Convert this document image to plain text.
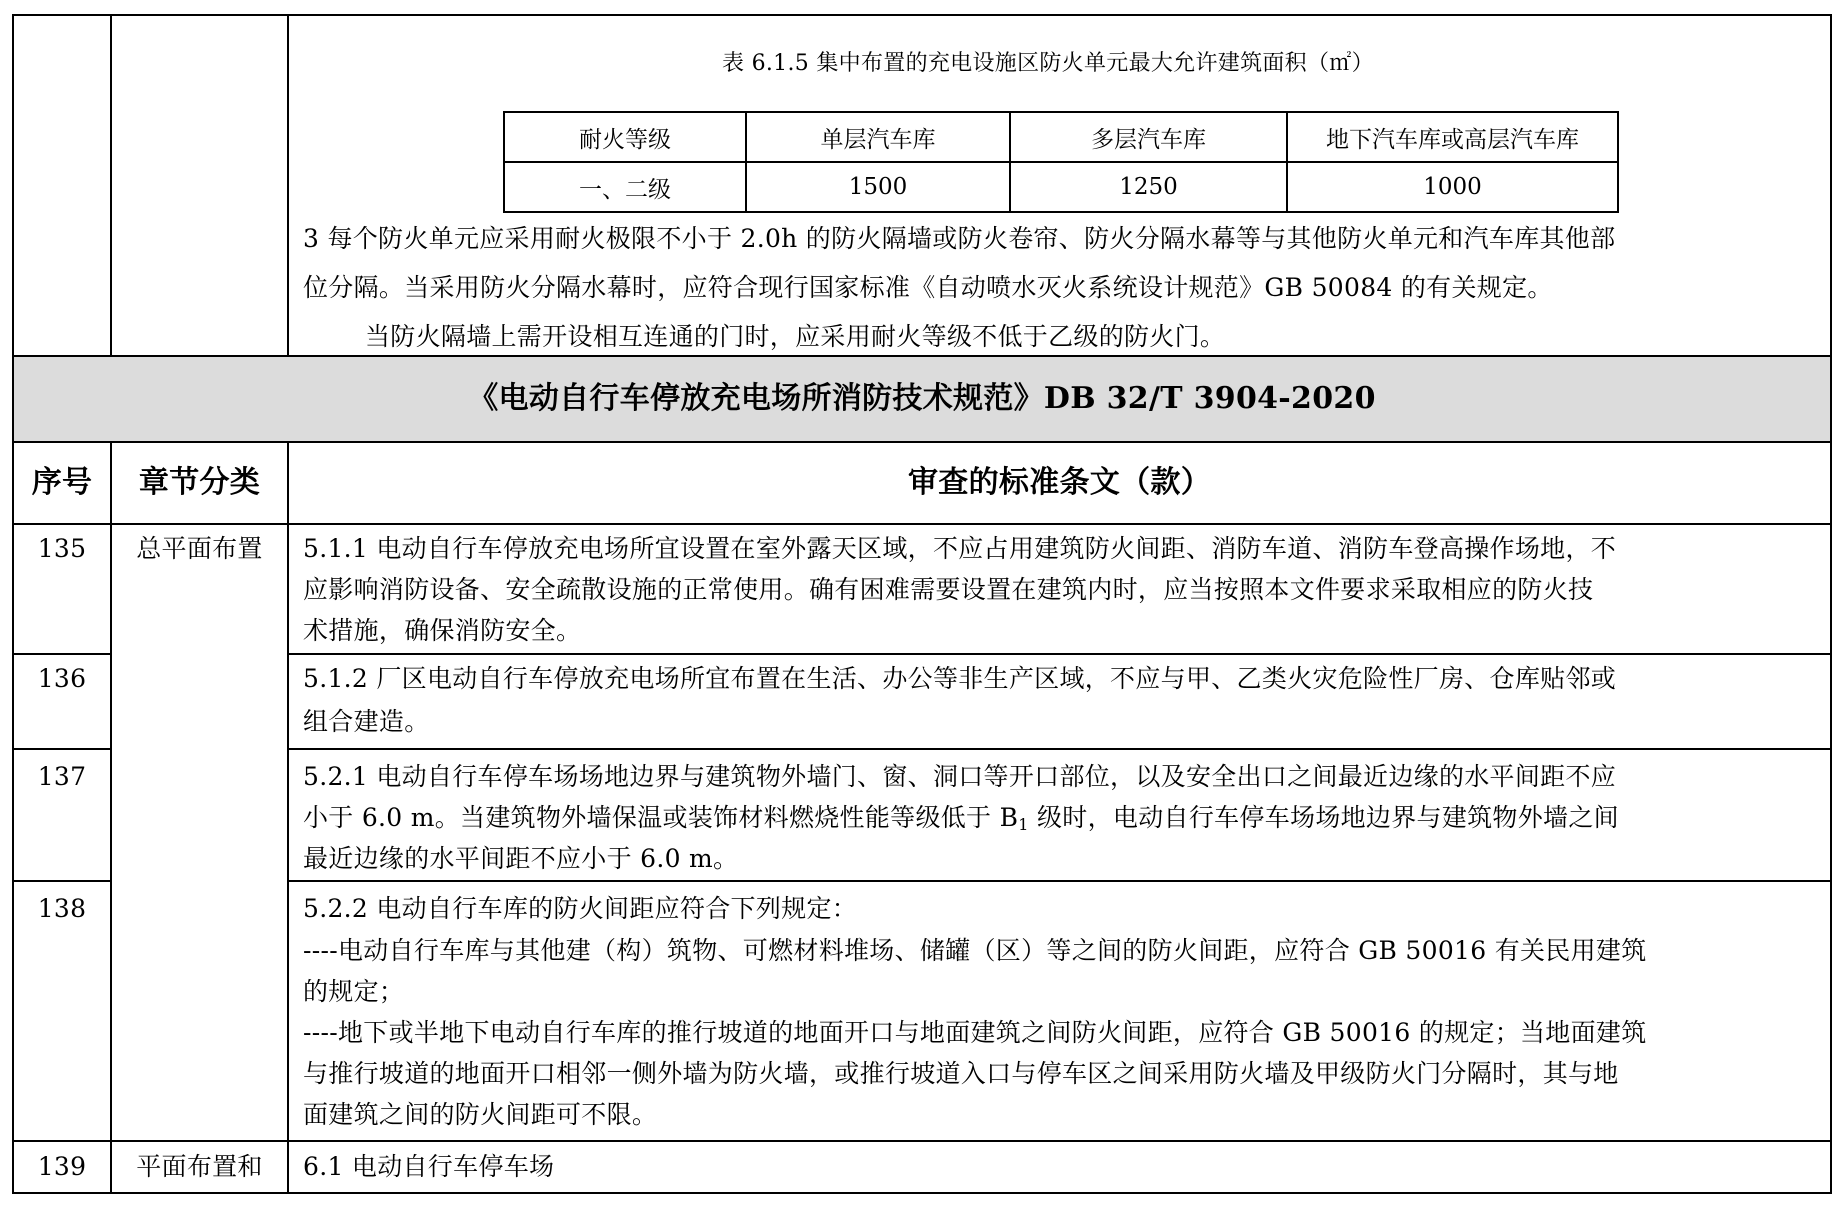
表 6.1.5 集中布置的充电设施区防火单元最大允许建筑面积（㎡）
耐火等级	单层汽车库	多层汽车库	地下汽车库或高层汽车库
一、二级	1500	1250	1000
3 每个防火单元应采用耐火极限不小于 2.0h 的防火隔墙或防火卷帘、防火分隔水幕等与其他防火单元和汽车库其他部
位分隔。当采用防火分隔水幕时，应符合现行国家标准《自动喷水灭火系统设计规范》GB 50084 的有关规定。
当防火隔墙上需开设相互连通的门时，应采用耐火等级不低于乙级的防火门。
《电动自行车停放充电场所消防技术规范》DB 32/T 3904-2020
序号	章节分类	审查的标准条文（款）
135	总平面布置	5.1.1 电动自行车停放充电场所宜设置在室外露天区域，不应占用建筑防火间距、消防车道、消防车登高操作场地，不
应影响消防设备、安全疏散设施的正常使用。确有困难需要设置在建筑内时，应当按照本文件要求采取相应的防火技
术措施，确保消防安全。
136	5.1.2 厂区电动自行车停放充电场所宜布置在生活、办公等非生产区域，不应与甲、乙类火灾危险性厂房、仓库贴邻或
组合建造。
137	5.2.1 电动自行车停车场场地边界与建筑物外墙门、窗、洞口等开口部位，以及安全出口之间最近边缘的水平间距不应
小于 6.0 m。当建筑物外墙保温或装饰材料燃烧性能等级低于 $B_1$ 级时，电动自行车停车场场地边界与建筑物外墙之间
最近边缘的水平间距不应小于 6.0 m。
138	5.2.2 电动自行车库的防火间距应符合下列规定：
----电动自行车库与其他建（构）筑物、可燃材料堆场、储罐（区）等之间的防火间距，应符合 GB 50016 有关民用建筑
的规定；
----地下或半地下电动自行车库的推行坡道的地面开口与地面建筑之间防火间距，应符合 GB 50016 的规定；当地面建筑
与推行坡道的地面开口相邻一侧外墙为防火墙，或推行坡道入口与停车区之间采用防火墙及甲级防火门分隔时，其与地
面建筑之间的防火间距可不限。
139	平面布置和	6.1 电动自行车停车场
